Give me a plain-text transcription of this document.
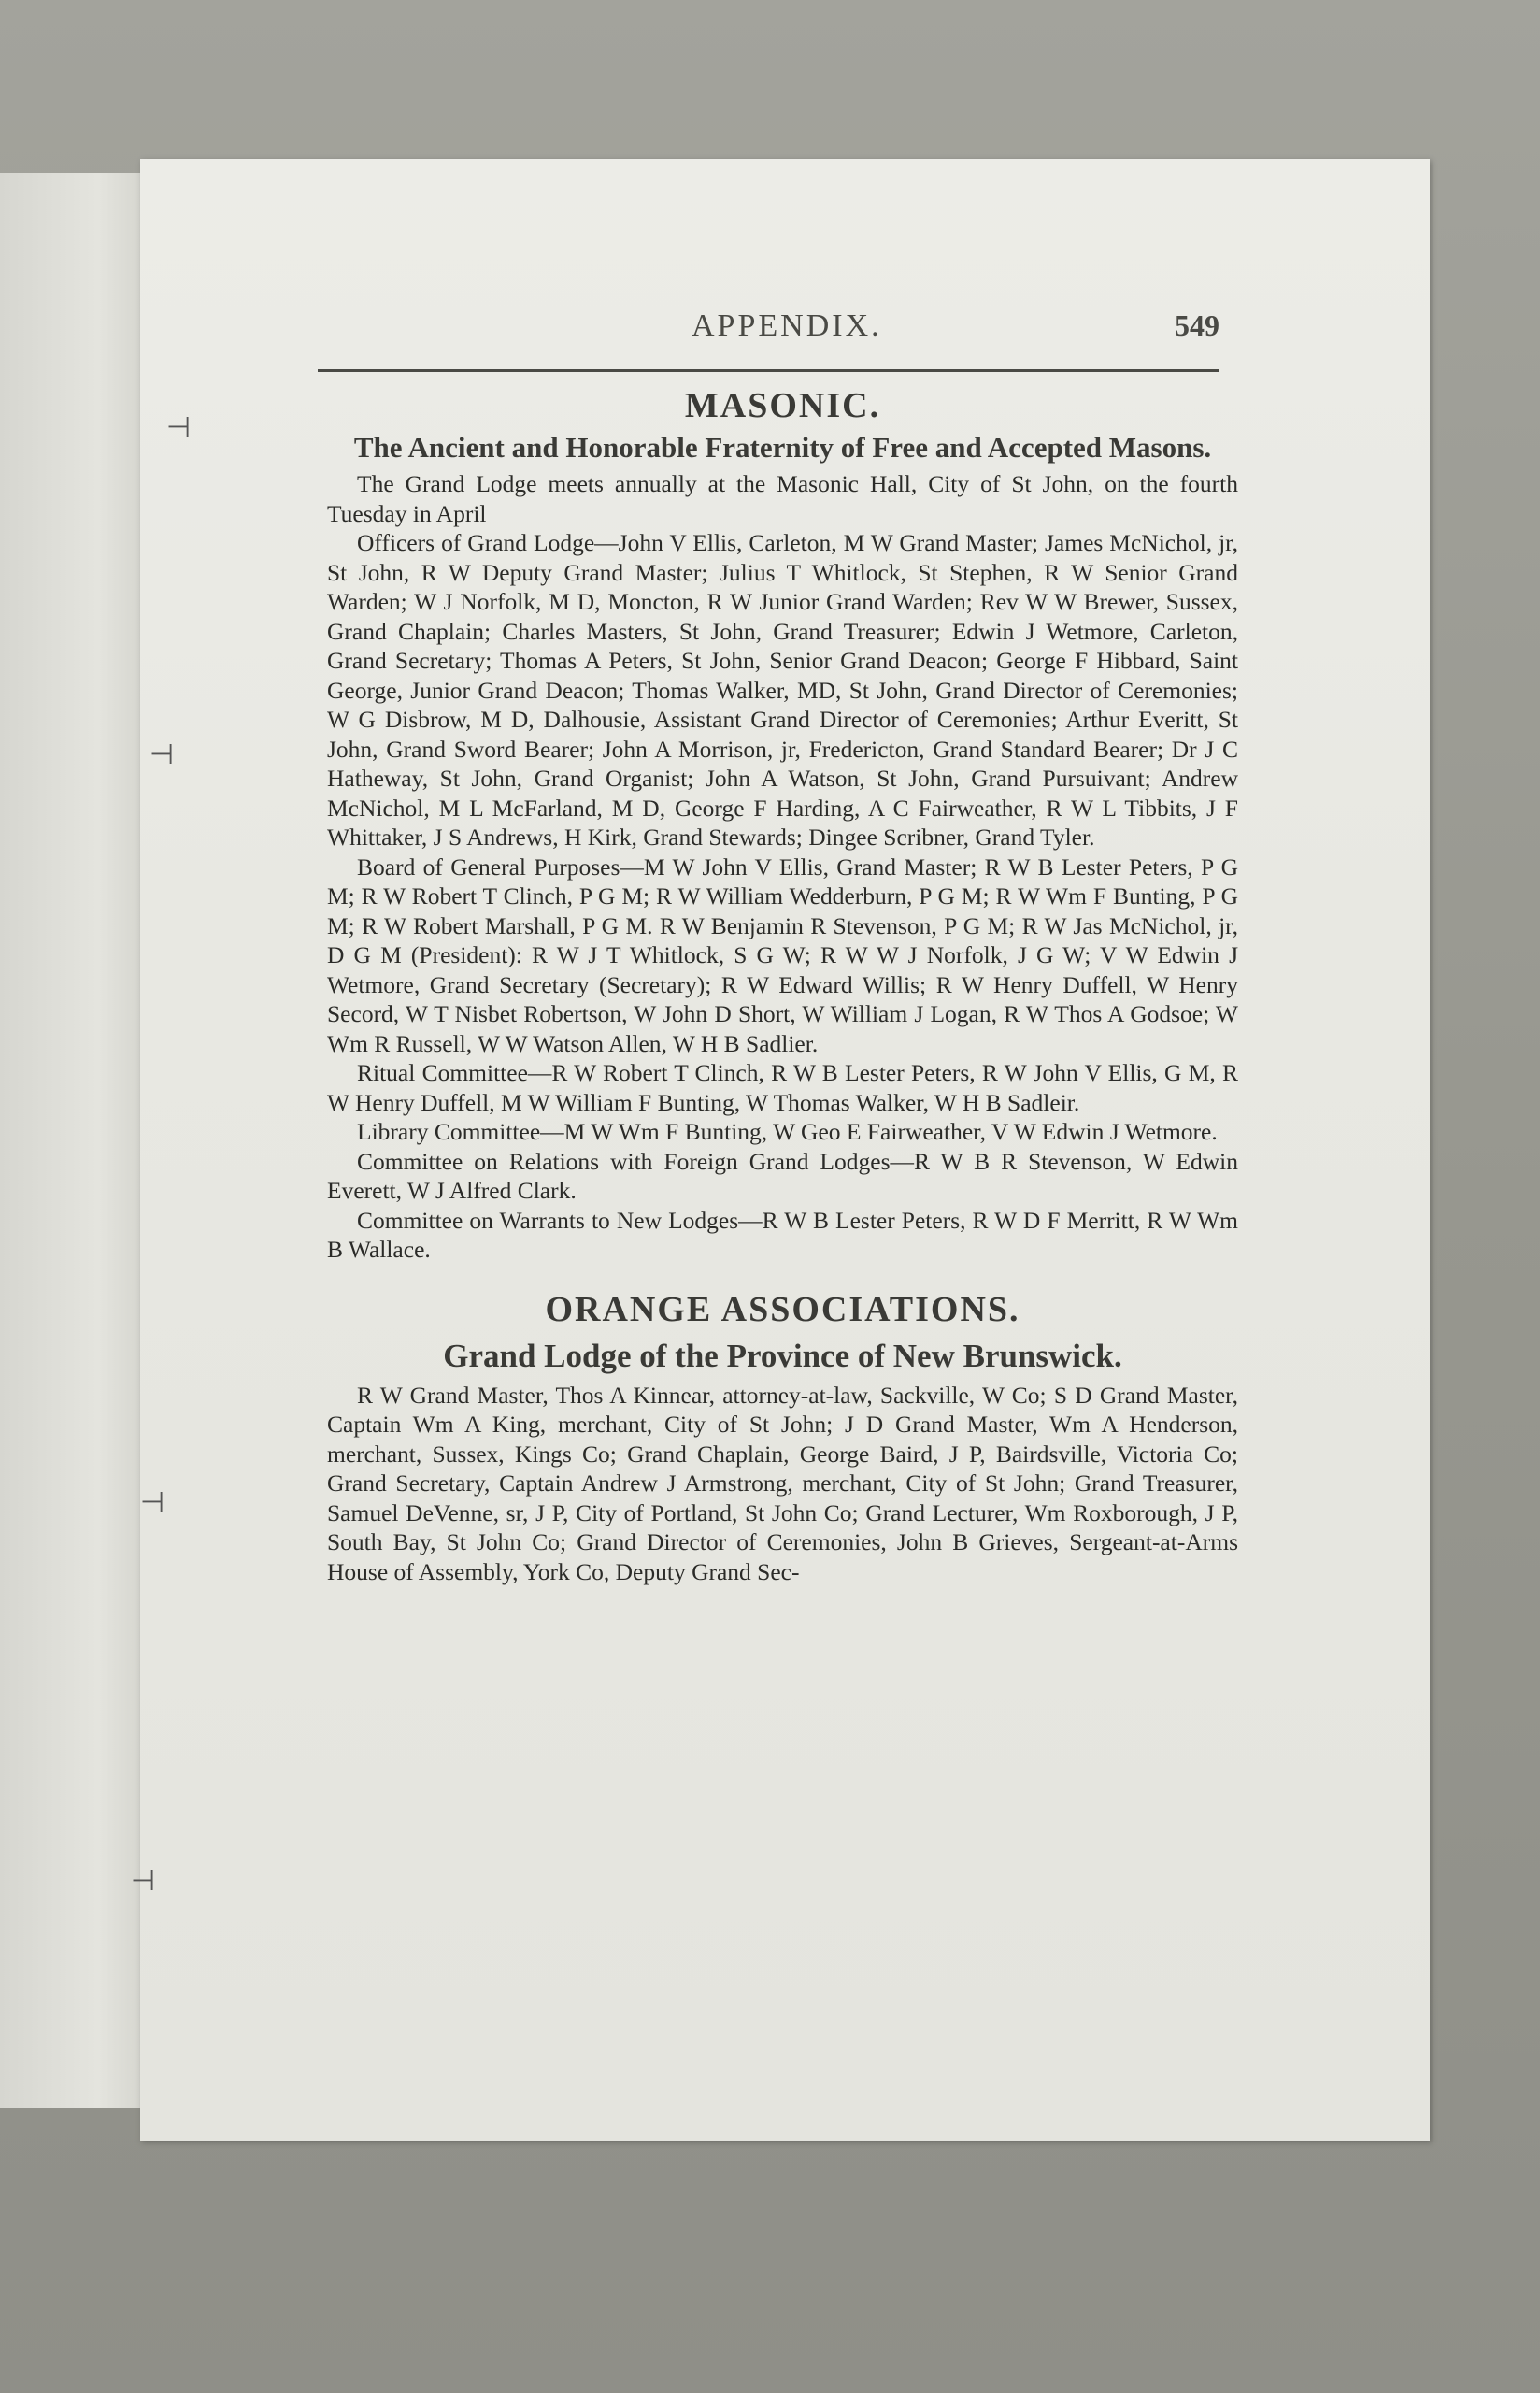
⊣
⊣
⊣
⊣
APPENDIX.	549
MASONIC.
The Ancient and Honorable Fraternity of Free and Accepted Masons.

The Grand Lodge meets annually at the Masonic Hall, City of St John, on the fourth Tuesday in April

Officers of Grand Lodge—John V Ellis, Carleton, M W Grand Master; James McNichol, jr, St John, R W Deputy Grand Master; Julius T Whitlock, St Stephen, R W Senior Grand Warden; W J Norfolk, M D, Moncton, R W Junior Grand Warden; Rev W W Brewer, Sussex, Grand Chaplain; Charles Masters, St John, Grand Treasurer; Edwin J Wetmore, Carleton, Grand Secretary; Thomas A Peters, St John, Senior Grand Deacon; George F Hibbard, Saint George, Junior Grand Deacon; Thomas Walker, MD, St John, Grand Director of Ceremonies; W G Disbrow, M D, Dalhousie, Assistant Grand Director of Ceremonies; Arthur Everitt, St John, Grand Sword Bearer; John A Morrison, jr, Fredericton, Grand Standard Bearer; Dr J C Hatheway, St John, Grand Organist; John A Watson, St John, Grand Pursuivant; Andrew McNichol, M L McFarland, M D, George F Harding, A C Fairweather, R W L Tibbits, J F Whittaker, J S Andrews, H Kirk, Grand Stewards; Dingee Scribner, Grand Tyler.

Board of General Purposes—M W John V Ellis, Grand Master; R W B Lester Peters, P G M; R W Robert T Clinch, P G M; R W William Wedderburn, P G M; R W Wm F Bunting, P G M; R W Robert Marshall, P G M. R W Benjamin R Stevenson, P G M; R W Jas McNichol, jr, D G M (President): R W J T Whitlock, S G W; R W W J Norfolk, J G W; V W Edwin J Wetmore, Grand Secretary (Secretary); R W Edward Willis; R W Henry Duffell, W Henry Secord, W T Nisbet Robertson, W John D Short, W William J Logan, R W Thos A Godsoe; W Wm R Russell, W W Watson Allen, W H B Sadlier.

Ritual Committee—R W Robert T Clinch, R W B Lester Peters, R W John V Ellis, G M, R W Henry Duffell, M W William F Bunting, W Thomas Walker, W H B Sadleir.

Library Committee—M W Wm F Bunting, W Geo E Fairweather, V W Edwin J Wetmore.

Committee on Relations with Foreign Grand Lodges—R W B R Stevenson, W Edwin Everett, W J Alfred Clark.

Committee on Warrants to New Lodges—R W B Lester Peters, R W D F Merritt, R W Wm B Wallace.

ORANGE ASSOCIATIONS.
Grand Lodge of the Province of New Brunswick.

R W Grand Master, Thos A Kinnear, attorney-at-law, Sackville, W Co; S D Grand Master, Captain Wm A King, merchant, City of St John; J D Grand Master, Wm A Henderson, merchant, Sussex, Kings Co; Grand Chaplain, George Baird, J P, Bairdsville, Victoria Co; Grand Secretary, Captain Andrew J Armstrong, merchant, City of St John; Grand Treasurer, Samuel DeVenne, sr, J P, City of Portland, St John Co; Grand Lecturer, Wm Roxborough, J P, South Bay, St John Co; Grand Director of Ceremonies, John B Grieves, Sergeant-at-Arms House of Assembly, York Co, Deputy Grand Sec-
